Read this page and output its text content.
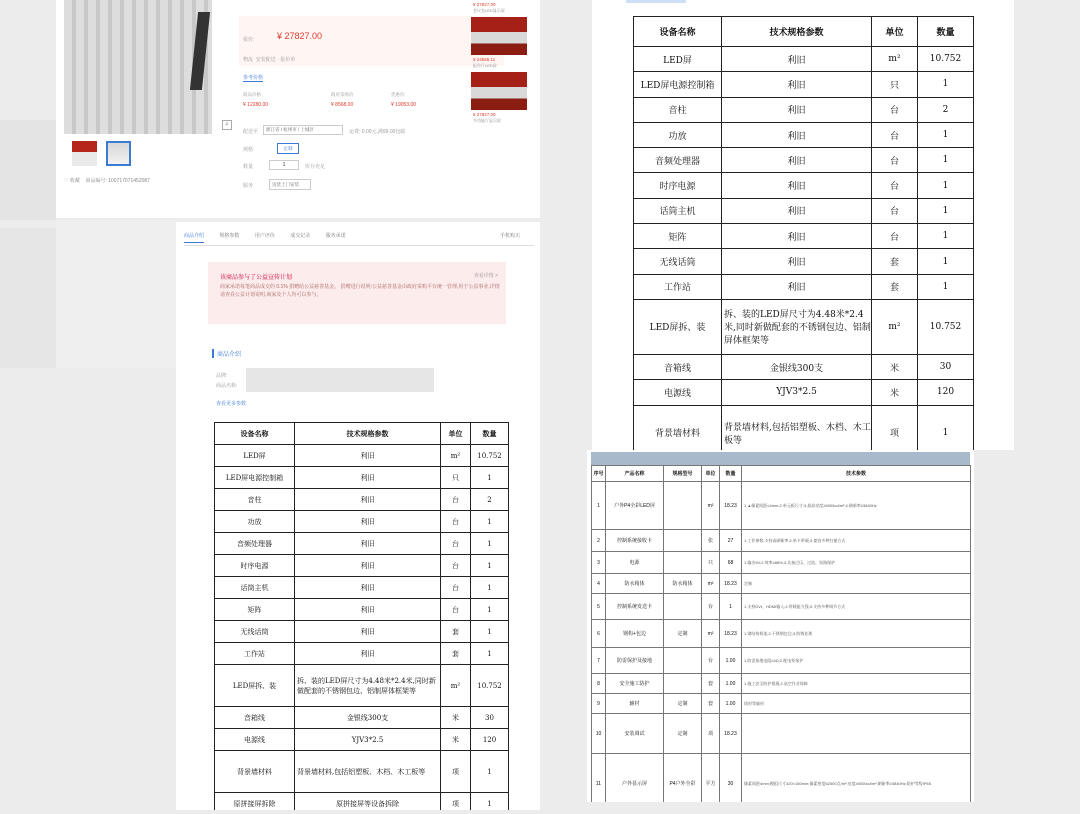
⌕
♡ 收藏 商品编号: 100717071452087
报价:	¥ 27827.00
物流 安装配送 · 报价单
参考价格
商品价格
¥ 12280.00
政府采购价
¥ 8568.00
优惠价
¥ 19053.00
配送至	浙江省 / 杭州市 / 上城区	运费: 0.00元,满99.00包邮
规格	定制
数量	1	库存充足
服务	送货上门安装
¥ 27827.00
会议室LED显示屏
¥ 24566.11
报告厅LED屏
¥ 27827.00
多功能厅显示屏
商品介绍	规格参数	用户评价	成交记录	服务承诺	手机购买
该商品参与了公益宣传计划	查看详情 >
商家承诺每笔商品成交的 0.1% 捐赠给公益慈善基金。 捐赠进行说明:公益慈善基金由政府采购平台统一管理,用于公益事业,详情请查看公益计划说明,商家及个人均可以参与。
商品介绍
品牌:
商品名称:
查看更多参数
设备名称	技术规格参数	单位	数量
LED屏	利旧	m²	10.752
LED屏电源控制箱	利旧	只	1
音柱	利旧	台	2
功放	利旧	台	1
音频处理器	利旧	台	1
时序电源	利旧	台	1
话筒主机	利旧	台	1
矩阵	利旧	台	1
无线话筒	利旧	套	1
工作站	利旧	套	1
LED屏拆、装	拆、装的LED屏尺寸为4.48米*2.4米,同时新做配套的不锈钢包边、铝制屏体框架等	m²	10.752
音箱线	金银线300支	米	30
电源线	YJV3*2.5	米	120
背景墙材料	背景墙材料,包括铝塑板、木档、木工板等	项	1
原拼接屏拆除	原拼接屏等设备拆除	项	1
设备名称	技术规格参数	单位	数量
LED屏	利旧	m²	10.752
LED屏电源控制箱	利旧	只	1
音柱	利旧	台	2
功放	利旧	台	1
音频处理器	利旧	台	1
时序电源	利旧	台	1
话筒主机	利旧	台	1
矩阵	利旧	台	1
无线话筒	利旧	套	1
工作站	利旧	套	1
LED屏拆、装	拆、装的LED屏尺寸为4.48米*2.4米,同时新做配套的不锈钢包边、铝制屏体框架等	m²	10.752
音箱线	金银线300支	米	30
电源线	YJV3*2.5	米	120
背景墙材料	背景墙材料,包括铝塑板、木档、木工板等	项	1

序号	产品名称	规格型号	单位	数量	技术参数
1	户外P4全彩LED屏		m²	18.23	1.▲像素间距≤4mm;2.单元板尺寸;3.最高亮度≥5000cd/m²;4.刷新率≥3840Hz
2	控制系统接收卡		张	27	1.工作参数:支持高刷新率;2.单卡带载;3.兼容多种扫描方式
3	电源		只	68	1.输出5V;2.效率≥88%;3.具备过压、过流、短路保护
4	防水箱体	防水箱体	m²	18.23	定制
5	控制系统发送卡		台	1	1.支持DVI、HDMI输入;2.带载能力强;3.支持多种调节方式
6	钢构+包边	定制	m²	18.23	1.钢结构框架;2.不锈钢包边;3.防锈处理
7	防雷保护及接地		台	1.00	1.防雷接地电阻≤4Ω;2.配电柜保护
8	安全施工防护		套	1.00	1.施工安全防护措施;2.高空作业保障
9	辅材	定制	套	1.00	线材等辅材
10	安装调试	定制	项	18.23	
11	户外显示屏	P4户外全彩	平方	30	像素间距4mm;模组尺寸320×160mm;像素密度62500点/m²;亮度≥5000cd/m²;刷新率≥3840Hz;防护等级IP65
